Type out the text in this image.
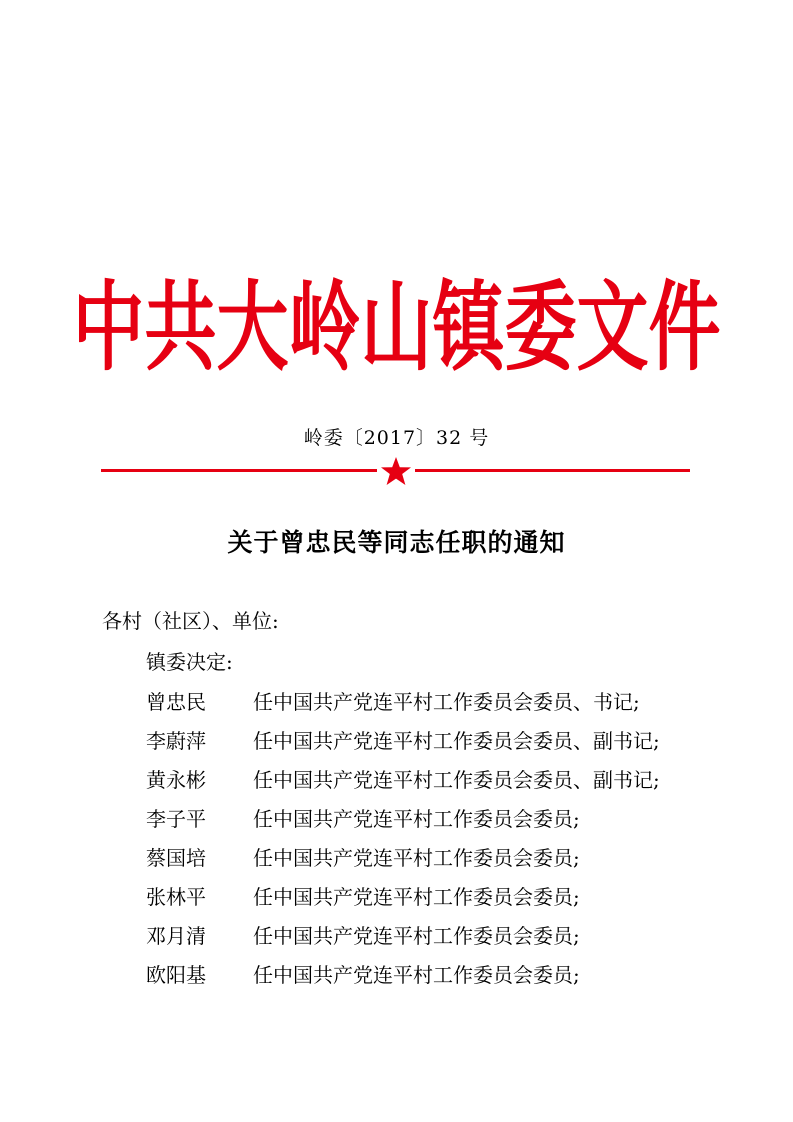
中共大岭山镇委文件
岭委〔2017〕32 号
关于曾忠民等同志任职的通知
各村（社区）、单位:
镇委决定:
曾忠民 任中国共产党连平村工作委员会委员、书记;
李蔚萍 任中国共产党连平村工作委员会委员、副书记;
黄永彬 任中国共产党连平村工作委员会委员、副书记;
李子平 任中国共产党连平村工作委员会委员;
蔡国培 任中国共产党连平村工作委员会委员;
张林平 任中国共产党连平村工作委员会委员;
邓月清 任中国共产党连平村工作委员会委员;
欧阳基 任中国共产党连平村工作委员会委员;
